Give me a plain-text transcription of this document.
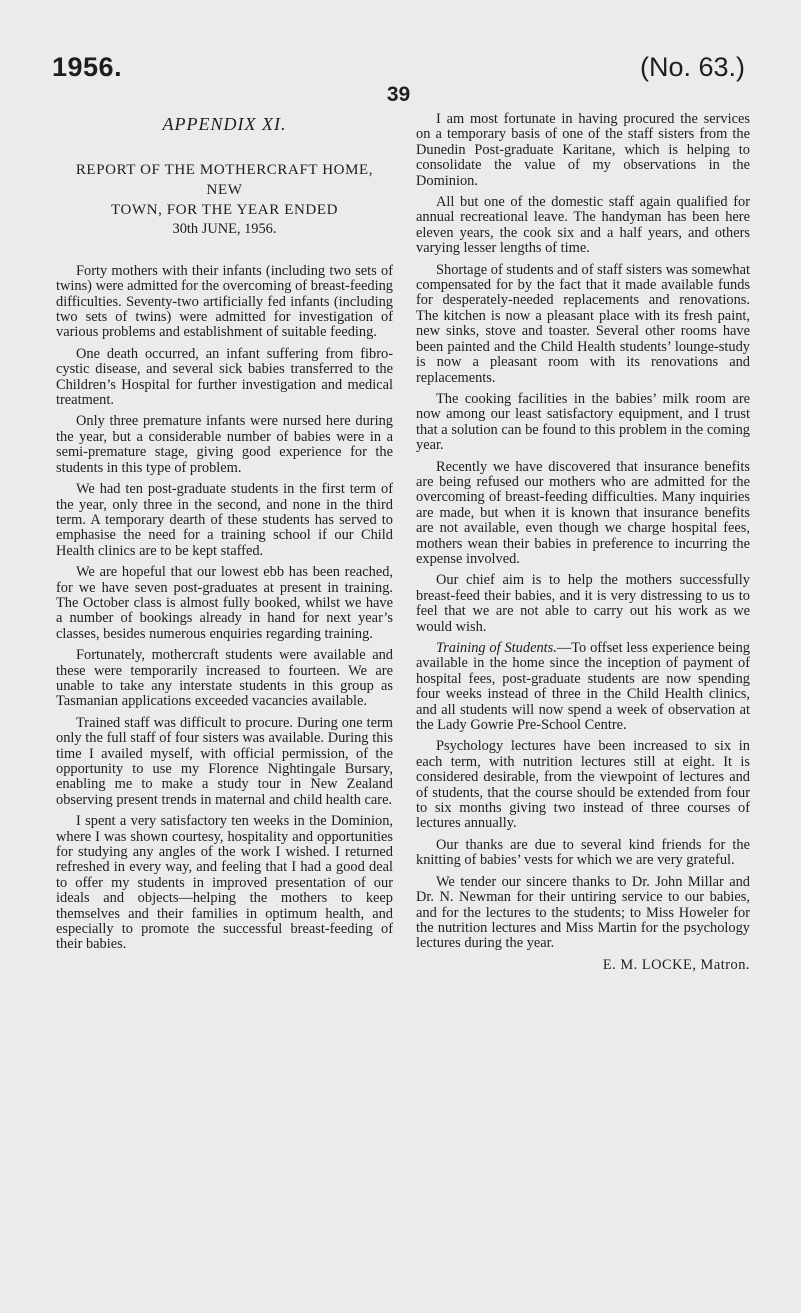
1956.	(No. 63.)
39
APPENDIX XI.
REPORT OF THE MOTHERCRAFT HOME, NEW
TOWN, FOR THE YEAR ENDED
30th JUNE, 1956.

Forty mothers with their infants (including two sets of twins) were admitted for the overcoming of breast-feeding difficulties. Seventy-two artificially fed infants (including two sets of twins) were admitted for investigation of various problems and establishment of suitable feeding.

One death occurred, an infant suffering from fibro-cystic disease, and several sick babies transferred to the Children’s Hospital for further investigation and medical treatment.

Only three premature infants were nursed here during the year, but a considerable number of babies were in a semi-premature stage, giving good experience for the students in this type of problem.

We had ten post-graduate students in the first term of the year, only three in the second, and none in the third term. A temporary dearth of these students has served to emphasise the need for a training school if our Child Health clinics are to be kept staffed.

We are hopeful that our lowest ebb has been reached, for we have seven post-graduates at present in training. The October class is almost fully booked, whilst we have a number of bookings already in hand for next year’s classes, besides numerous enquiries regarding training.

Fortunately, mothercraft students were available and these were temporarily increased to fourteen. We are unable to take any interstate students in this group as Tasmanian applications exceeded vacancies available.

Trained staff was difficult to procure. During one term only the full staff of four sisters was available. During this time I availed myself, with official permission, of the opportunity to use my Florence Nightingale Bursary, enabling me to make a study tour in New Zealand observing present trends in maternal and child health care.

I spent a very satisfactory ten weeks in the Dominion, where I was shown courtesy, hospitality and opportunities for studying any angles of the work I wished. I returned refreshed in every way, and feeling that I had a good deal to offer my students in improved presentation of our ideals and objects—helping the mothers to keep themselves and their families in optimum health, and especially to promote the successful breast-feeding of their babies.

I am most fortunate in having procured the services on a temporary basis of one of the staff sisters from the Dunedin Post-graduate Karitane, which is helping to consolidate the value of my observations in the Dominion.

All but one of the domestic staff again qualified for annual recreational leave. The handyman has been here eleven years, the cook six and a half years, and others varying lesser lengths of time.

Shortage of students and of staff sisters was somewhat compensated for by the fact that it made available funds for desperately-needed replacements and renovations. The kitchen is now a pleasant place with its fresh paint, new sinks, stove and toaster. Several other rooms have been painted and the Child Health students’ lounge-study is now a pleasant room with its renovations and replacements.

The cooking facilities in the babies’ milk room are now among our least satisfactory equipment, and I trust that a solution can be found to this problem in the coming year.

Recently we have discovered that insurance benefits are being refused our mothers who are admitted for the overcoming of breast-feeding difficulties. Many inquiries are made, but when it is known that insurance benefits are not available, even though we charge hospital fees, mothers wean their babies in preference to incurring the expense involved.

Our chief aim is to help the mothers successfully breast-feed their babies, and it is very distressing to us to feel that we are not able to carry out his work as we would wish.

Training of Students.—To offset less experience being available in the home since the inception of payment of hospital fees, post-graduate students are now spending four weeks instead of three in the Child Health clinics, and all students will now spend a week of observation at the Lady Gowrie Pre-School Centre.

Psychology lectures have been increased to six in each term, with nutrition lectures still at eight. It is considered desirable, from the viewpoint of lectures and of students, that the course should be extended from four to six months giving two instead of three courses of lectures annually.

Our thanks are due to several kind friends for the knitting of babies’ vests for which we are very grateful.

We tender our sincere thanks to Dr. John Millar and Dr. N. Newman for their untiring service to our babies, and for the lectures to the students; to Miss Howeler for the nutrition lectures and Miss Martin for the psychology lectures during the year.

E. M. LOCKE, Matron.
